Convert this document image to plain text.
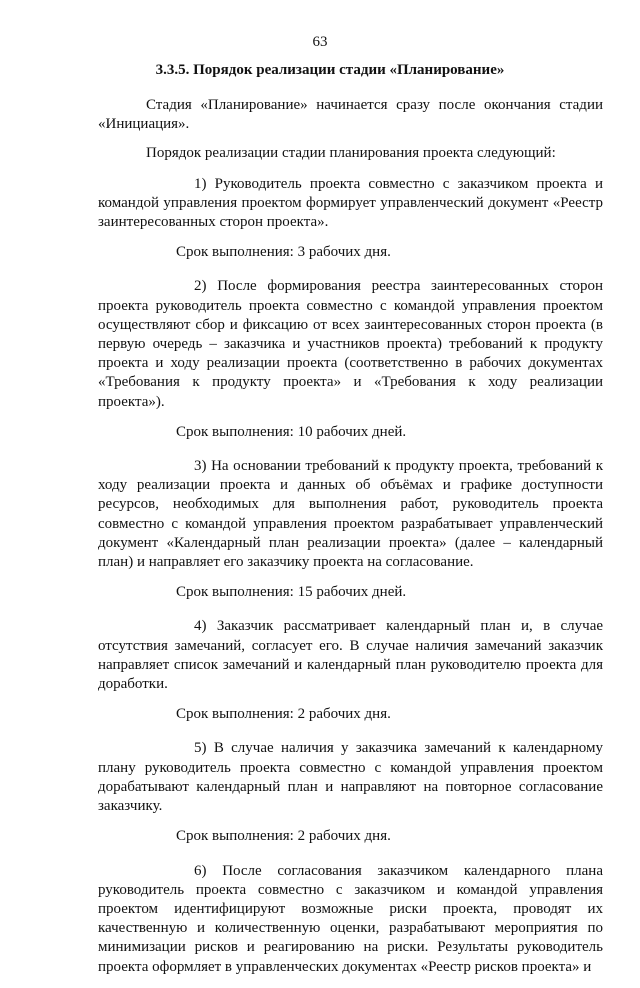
63
3.3.5. Порядок реализации стадии «Планирование»

Стадия «Планирование» начинается сразу после окончания стадии «Инициация».

Порядок реализации стадии планирования проекта следующий:

1) Руководитель проекта совместно с заказчиком проекта и командой управления проектом формирует управленческий документ «Реестр заинтересованных сторон проекта».

Срок выполнения: 3 рабочих дня.

2) После формирования реестра заинтересованных сторон проекта руководитель проекта совместно с командой управления проектом осуществляют сбор и фиксацию от всех заинтересованных сторон проекта (в первую очередь – заказчика и участников проекта) требований к продукту проекта и ходу реализации проекта (соответственно в рабочих документах «Требования к продукту проекта» и «Требования к ходу реализации проекта»).

Срок выполнения: 10 рабочих дней.

3) На основании требований к продукту проекта, требований к ходу реализации проекта и данных об объёмах и графике доступности ресурсов, необходимых для выполнения работ, руководитель проекта совместно с командой управления проектом разрабатывает управленческий документ «Календарный план реализации проекта» (далее – календарный план) и направляет его заказчику проекта на согласование.

Срок выполнения: 15 рабочих дней.

4) Заказчик рассматривает календарный план и, в случае отсутствия замечаний, согласует его. В случае наличия замечаний заказчик направляет список замечаний и календарный план руководителю проекта для доработки.

Срок выполнения: 2 рабочих дня.

5) В случае наличия у заказчика замечаний к календарному плану руководитель проекта совместно с командой управления проектом дорабатывают календарный план и направляют на повторное согласование заказчику.

Срок выполнения: 2 рабочих дня.

6) После согласования заказчиком календарного плана руководитель проекта совместно с заказчиком и командой управления проектом идентифицируют возможные риски проекта, проводят их качественную и количественную оценки, разрабатывают мероприятия по минимизации рисков и реагированию на риски. Результаты руководитель проекта оформляет в управленческих документах «Реестр рисков проекта» и
